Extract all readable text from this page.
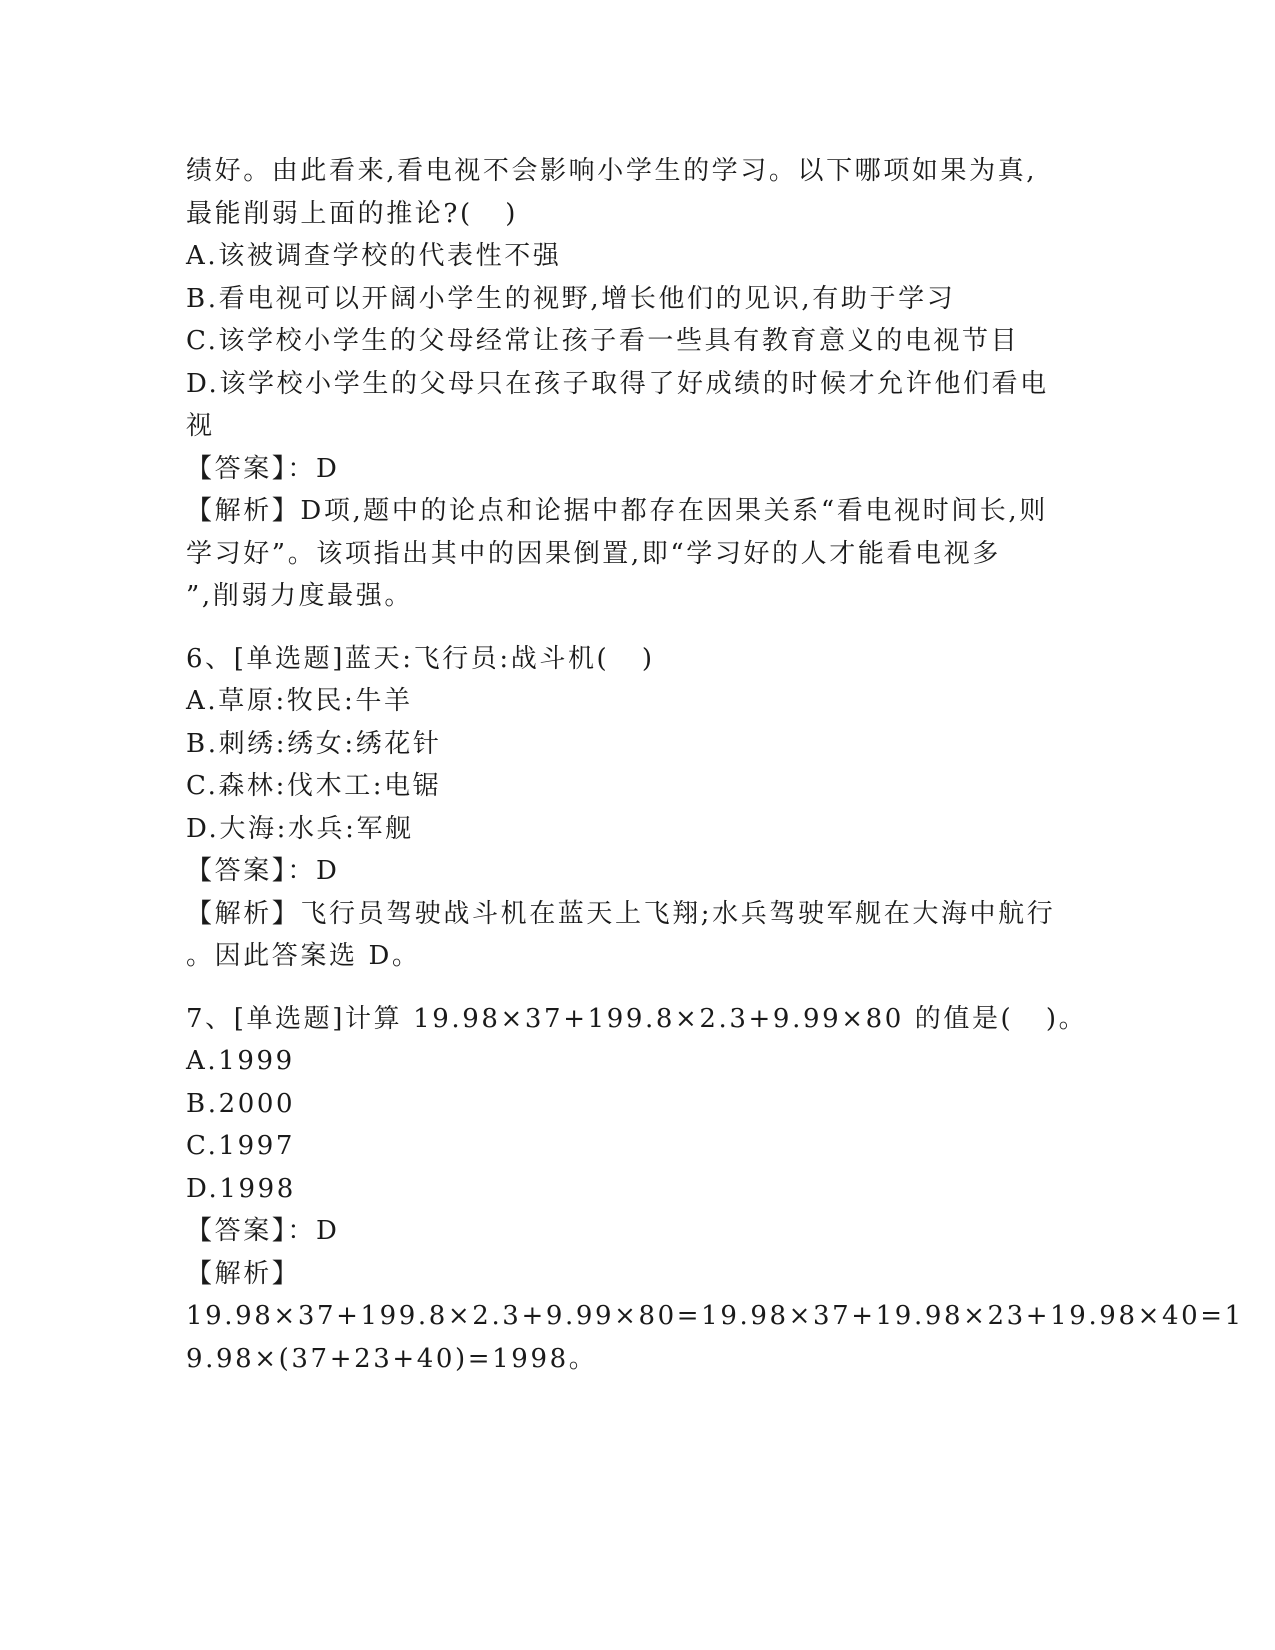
绩好。由此看来,看电视不会影响小学生的学习。以下哪项如果为真,
最能削弱上面的推论?(   )
A.该被调查学校的代表性不强
B.看电视可以开阔小学生的视野,增长他们的见识,有助于学习
C.该学校小学生的父母经常让孩子看一些具有教育意义的电视节目
D.该学校小学生的父母只在孩子取得了好成绩的时候才允许他们看电
视
【答案】：D
【解析】D项,题中的论点和论据中都存在因果关系“看电视时间长,则
学习好”。该项指出其中的因果倒置,即“学习好的人才能看电视多
”,削弱力度最强。
6、[单选题]蓝天:飞行员:战斗机(   )
A.草原:牧民:牛羊
B.刺绣:绣女:绣花针
C.森林:伐木工:电锯
D.大海:水兵:军舰
【答案】：D
【解析】飞行员驾驶战斗机在蓝天上飞翔;水兵驾驶军舰在大海中航行
。因此答案选 D。
7、[单选题]计算 19.98×37+199.8×2.3+9.99×80 的值是(   )。
A.1999
B.2000
C.1997
D.1998
【答案】：D
【解析】
19.98×37+199.8×2.3+9.99×80=19.98×37+19.98×23+19.98×40=1
9.98×(37+23+40)=1998。
